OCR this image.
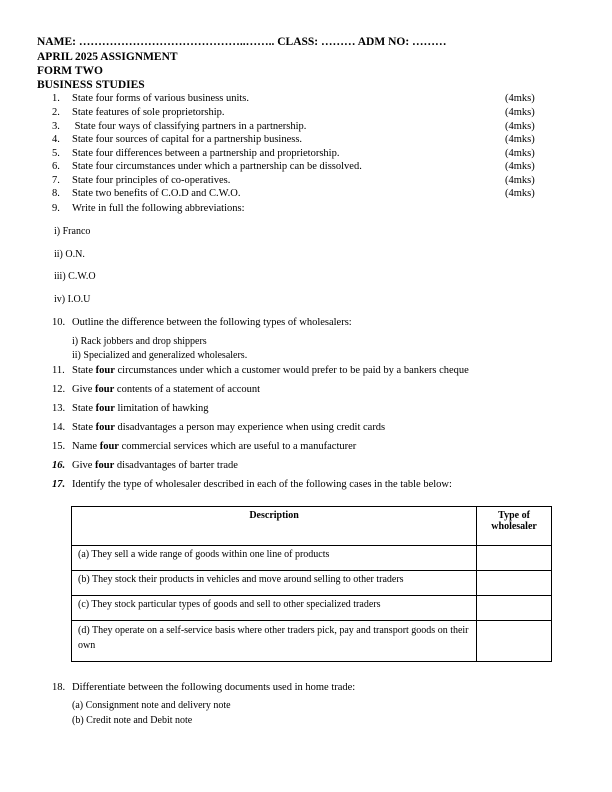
NAME: ……………………………………..…….. CLASS: ……… ADM NO: ………
APRIL 2025 ASSIGNMENT
FORM TWO
BUSINESS STUDIES
1. State four forms of various business units.	(4mks)
2. State features of sole proprietorship.	(4mks)
3. State four ways of classifying partners in a partnership.	(4mks)
4. State four sources of capital for a partnership business.	(4mks)
5. State four differences between a partnership and proprietorship.	(4mks)
6. State four circumstances under which a partnership can be dissolved.	(4mks)
7. State four principles of co-operatives.	(4mks)
8. State two benefits of C.O.D and C.W.O.	(4mks)
9. Write in full the following abbreviations:
i) Franco
ii) O.N.
iii) C.W.O
iv) I.O.U
10. Outline the difference between the following types of wholesalers:
i) Rack jobbers and drop shippers
ii) Specialized and generalized wholesalers.
11. State four circumstances under which a customer would prefer to be paid by a bankers cheque
12. Give four contents of a statement of account
13. State four limitation of hawking
14. State four disadvantages a person may experience when using credit cards
15. Name four commercial services which are useful to a manufacturer
16. Give four disadvantages of barter trade
17. Identify the type of wholesaler described in each of the following cases in the table below:
Description	Type of wholesaler
(a) They sell a wide range of goods within one line of products	
(b) They stock their products in vehicles and move around selling to other traders	
(c) They stock particular types of goods and sell to other specialized traders	
(d) They operate on a self-service basis where other traders pick, pay and transport goods on their own	
18. Differentiate between the following documents used in home trade:
(a) Consignment note and delivery note
(b) Credit note and Debit note
